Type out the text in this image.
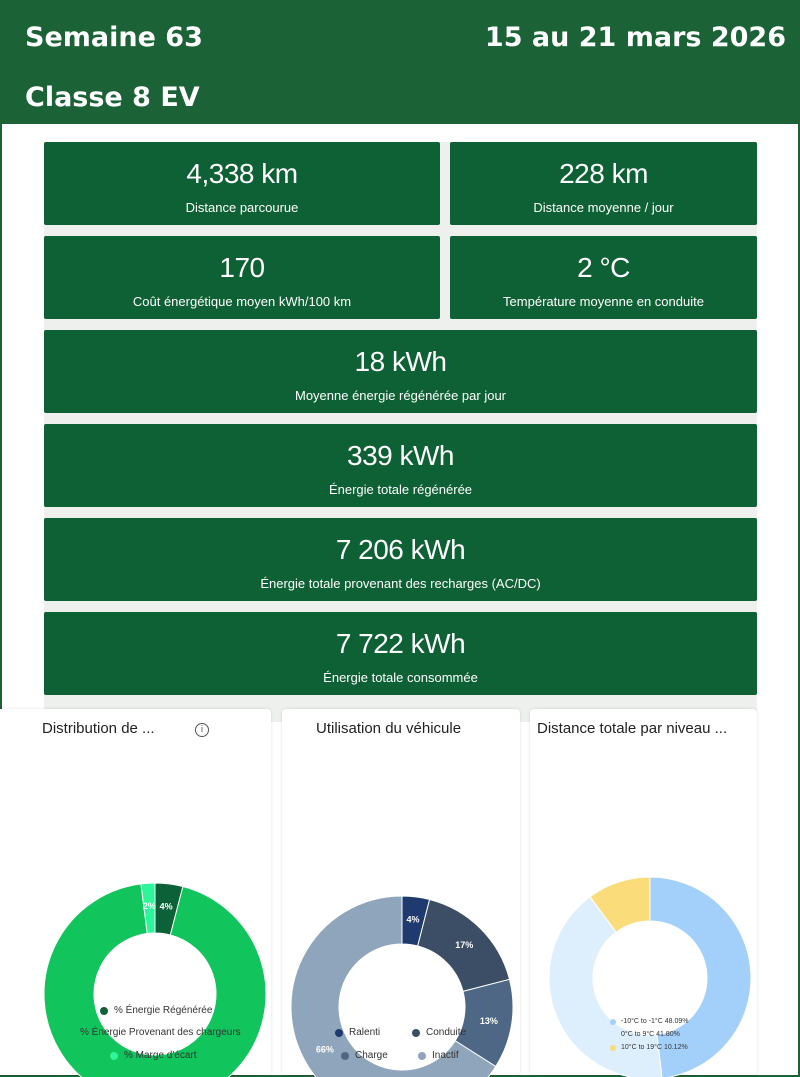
Semaine 63	15 au 21 mars 2026
Classe 8 EV
4,338 km
Distance parcourue
228 km
Distance moyenne / jour
170
Coût énergétique moyen kWh/100 km
2 °C
Température moyenne en conduite
18 kWh
Moyenne énergie régénérée par jour
339 kWh
Énergie totale régénérée
7 206 kWh
Énergie totale provenant des recharges (AC/DC)
7 722 kWh
Énergie totale consommée
Distribution de ...	i
4%
2%
% Énergie Régénérée
% Énergie Provenant des chargeurs
% Marge d'écart
Utilisation du véhicule
4%
17%
13%
66%
Ralenti	Conduite
Charge	Inactif
Distance totale par niveau ...
-10°C to -1°C 48.09%
0°C to 9°C 41.80%
10°C to 19°C 10.12%
